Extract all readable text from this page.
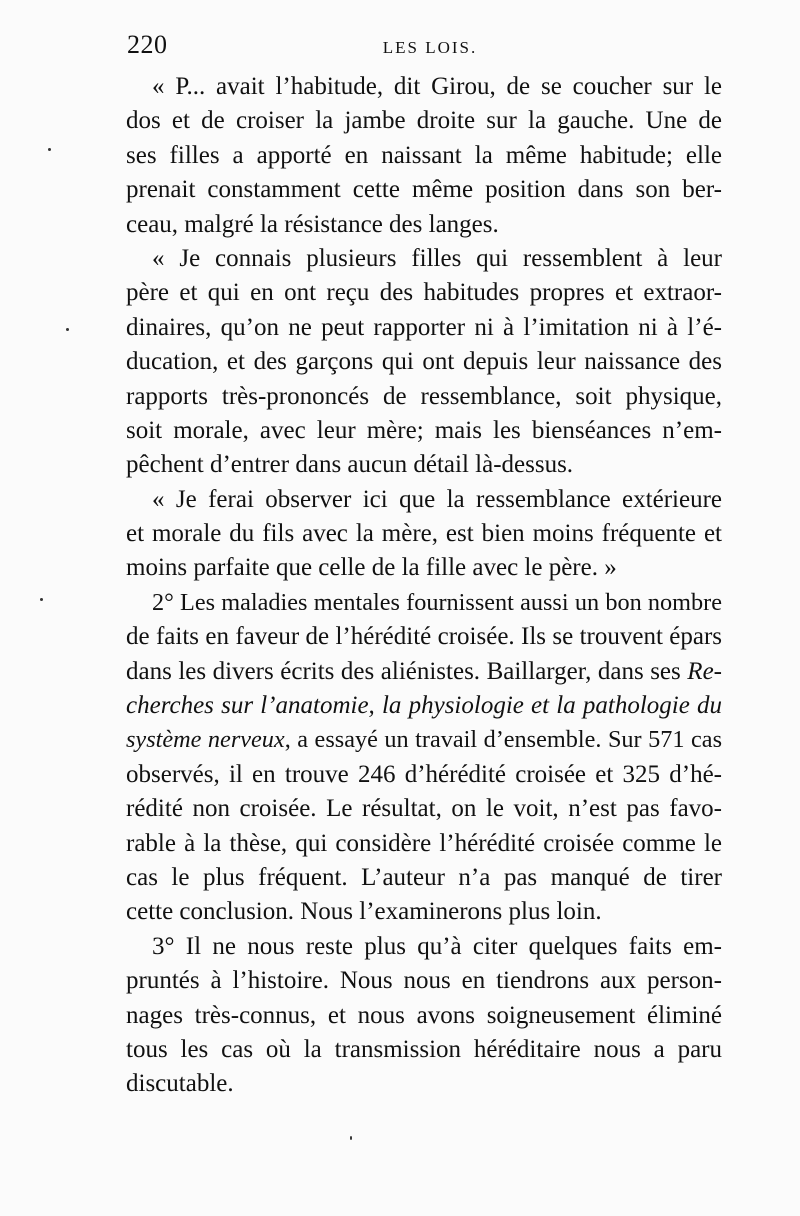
220	LES LOIS.
« P... avait l’habitude, dit Girou, de se coucher sur le
dos et de croiser la jambe droite sur la gauche. Une de
ses filles a apporté en naissant la même habitude; elle
prenait constamment cette même position dans son ber-
ceau, malgré la résistance des langes.
« Je connais plusieurs filles qui ressemblent à leur
père et qui en ont reçu des habitudes propres et extraor-
dinaires, qu’on ne peut rapporter ni à l’imitation ni à l’é-
ducation, et des garçons qui ont depuis leur naissance des
rapports très-prononcés de ressemblance, soit physique,
soit morale, avec leur mère; mais les bienséances n’em-
pêchent d’entrer dans aucun détail là-dessus.
« Je ferai observer ici que la ressemblance extérieure
et morale du fils avec la mère, est bien moins fréquente et
moins parfaite que celle de la fille avec le père. »
2° Les maladies mentales fournissent aussi un bon nombre
de faits en faveur de l’hérédité croisée. Ils se trouvent épars
dans les divers écrits des aliénistes. Baillarger, dans ses Re-
cherches sur l’anatomie, la physiologie et la pathologie du
système nerveux, a essayé un travail d’ensemble. Sur 571 cas
observés, il en trouve 246 d’hérédité croisée et 325 d’hé-
rédité non croisée. Le résultat, on le voit, n’est pas favo-
rable à la thèse, qui considère l’hérédité croisée comme le
cas le plus fréquent. L’auteur n’a pas manqué de tirer
cette conclusion. Nous l’examinerons plus loin.
3° Il ne nous reste plus qu’à citer quelques faits em-
pruntés à l’histoire. Nous nous en tiendrons aux person-
nages très-connus, et nous avons soigneusement éliminé
tous les cas où la transmission héréditaire nous a paru
discutable.
